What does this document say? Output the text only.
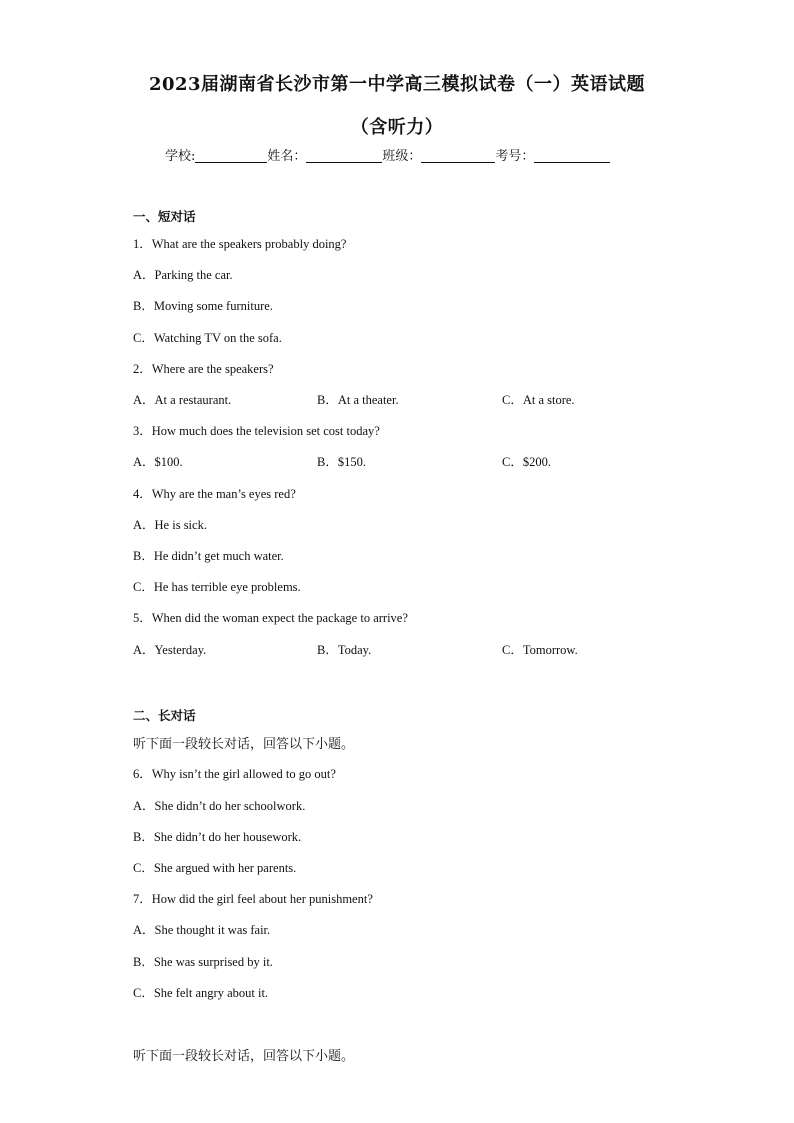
2023届湖南省长沙市第一中学高三模拟试卷（一）英语试题
（含听力）
学校:	姓名：	班级：	考号：
一、短对话
1．What are the speakers probably doing?
A．Parking the car.
B．Moving some furniture.
C．Watching TV on the sofa.
2．Where are the speakers?
A．At a restaurant.	B．At a theater.	C．At a store.
3．How much does the television set cost today?
A．$100.	B．$150.	C．$200.
4．Why are the man’s eyes red?
A．He is sick.
B．He didn’t get much water.
C．He has terrible eye problems.
5．When did the woman expect the package to arrive?
A．Yesterday.	B．Today.	C．Tomorrow.
二、长对话
听下面一段较长对话，回答以下小题。
6．Why isn’t the girl allowed to go out?
A．She didn’t do her schoolwork.
B．She didn’t do her housework.
C．She argued with her parents.
7．How did the girl feel about her punishment?
A．She thought it was fair.
B．She was surprised by it.
C．She felt angry about it.
听下面一段较长对话，回答以下小题。
